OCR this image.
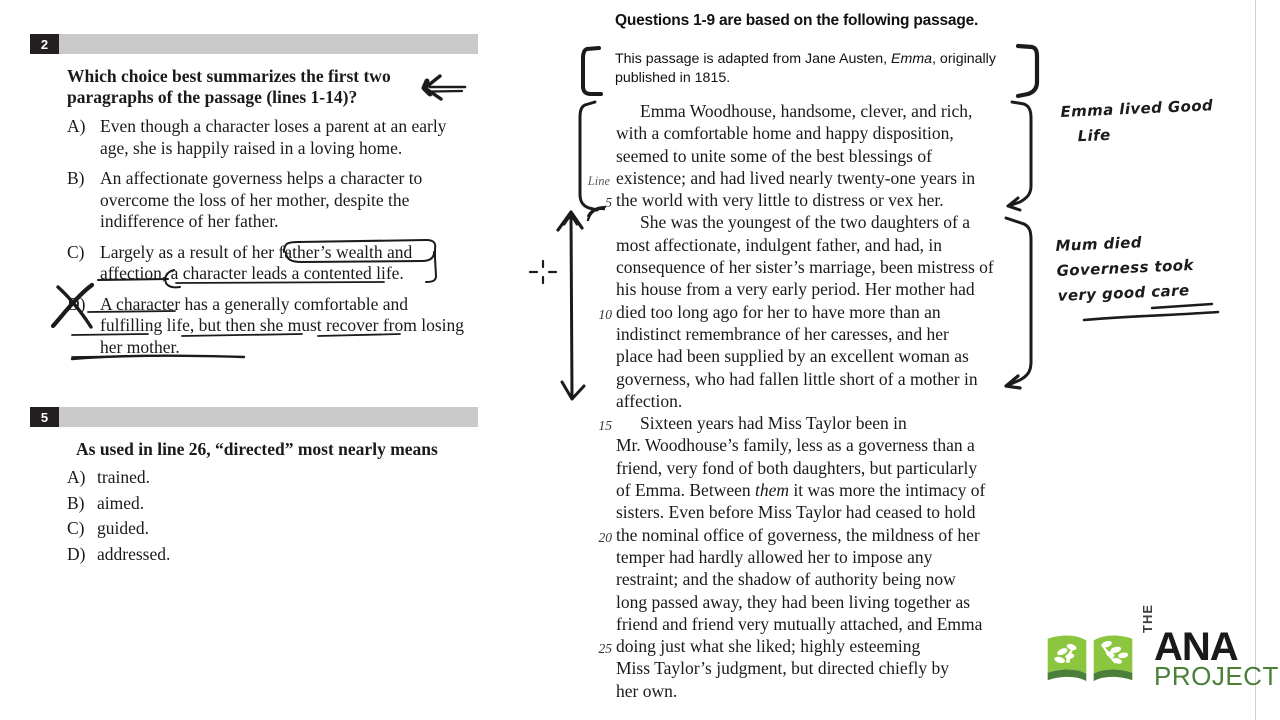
2
Which choice best summarizes the first two paragraphs of the passage (lines 1-14)?
A) Even though a character loses a parent at an early age, she is happily raised in a loving home.
B) An affectionate governess helps a character to overcome the loss of her mother, despite the indifference of her father.
C) Largely as a result of her father’s wealth and affection, a character leads a contented life.
D) A character has a generally comfortable and fulfilling life, but then she must recover from losing her mother.
5
As used in line 26, “directed” most nearly means
A) trained.
B) aimed.
C) guided.
D) addressed.
Questions 1-9 are based on the following passage.
This passage is adapted from Jane Austen, Emma, originally published in 1815.
Emma Woodhouse, handsome, clever, and rich,
with a comfortable home and happy disposition,
seemed to unite some of the best blessings of
Line existence; and had lived nearly twenty-one years in
5 the world with very little to distress or vex her.
She was the youngest of the two daughters of a
most affectionate, indulgent father, and had, in
consequence of her sister’s marriage, been mistress of
his house from a very early period. Her mother had
10 died too long ago for her to have more than an
indistinct remembrance of her caresses, and her
place had been supplied by an excellent woman as
governess, who had fallen little short of a mother in
affection.
15	Sixteen years had Miss Taylor been in
Mr. Woodhouse’s family, less as a governess than a
friend, very fond of both daughters, but particularly
of Emma. Between them it was more the intimacy of
sisters. Even before Miss Taylor had ceased to hold
20 the nominal office of governess, the mildness of her
temper had hardly allowed her to impose any
restraint; and the shadow of authority being now
long passed away, they had been living together as
friend and friend very mutually attached, and Emma
25 doing just what she liked; highly esteeming
Miss Taylor’s judgment, but directed chiefly by
her own.
Emma lived Good
Life
Mum died
Governess took
very good care
THE
ANA
PROJECT
